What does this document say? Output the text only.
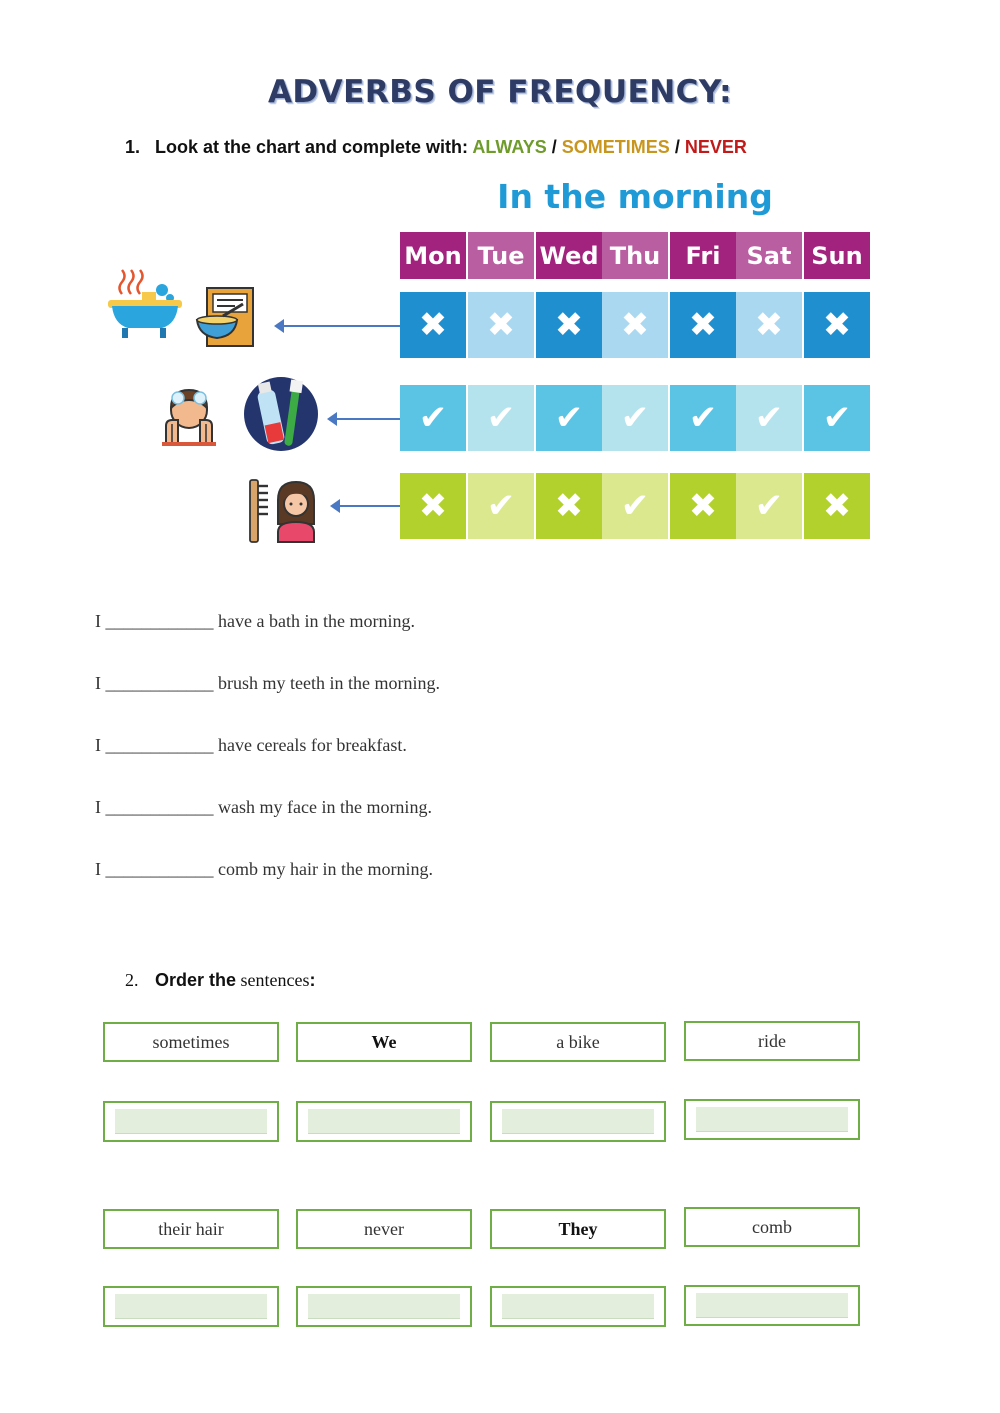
ADVERBS OF FREQUENCY:
1. Look at the chart and complete with: ALWAYS / SOMETIMES / NEVER
In the morning
Mon Tue Wed Thu	Fri	Sat Sun
✖	✖	✖	✖	✖	✖	✖
✔	✔	✔	✔	✔	✔	✔
✖	✔	✖	✔	✖	✔	✖
I ____________ have a bath in the morning.
I ____________ brush my teeth in the morning.
I ____________ have cereals for breakfast.
I ____________ wash my face in the morning.
I ____________ comb my hair in the morning.
2. Order the sentences:
sometimes	We	a bike	ride
their hair	never	They	comb
